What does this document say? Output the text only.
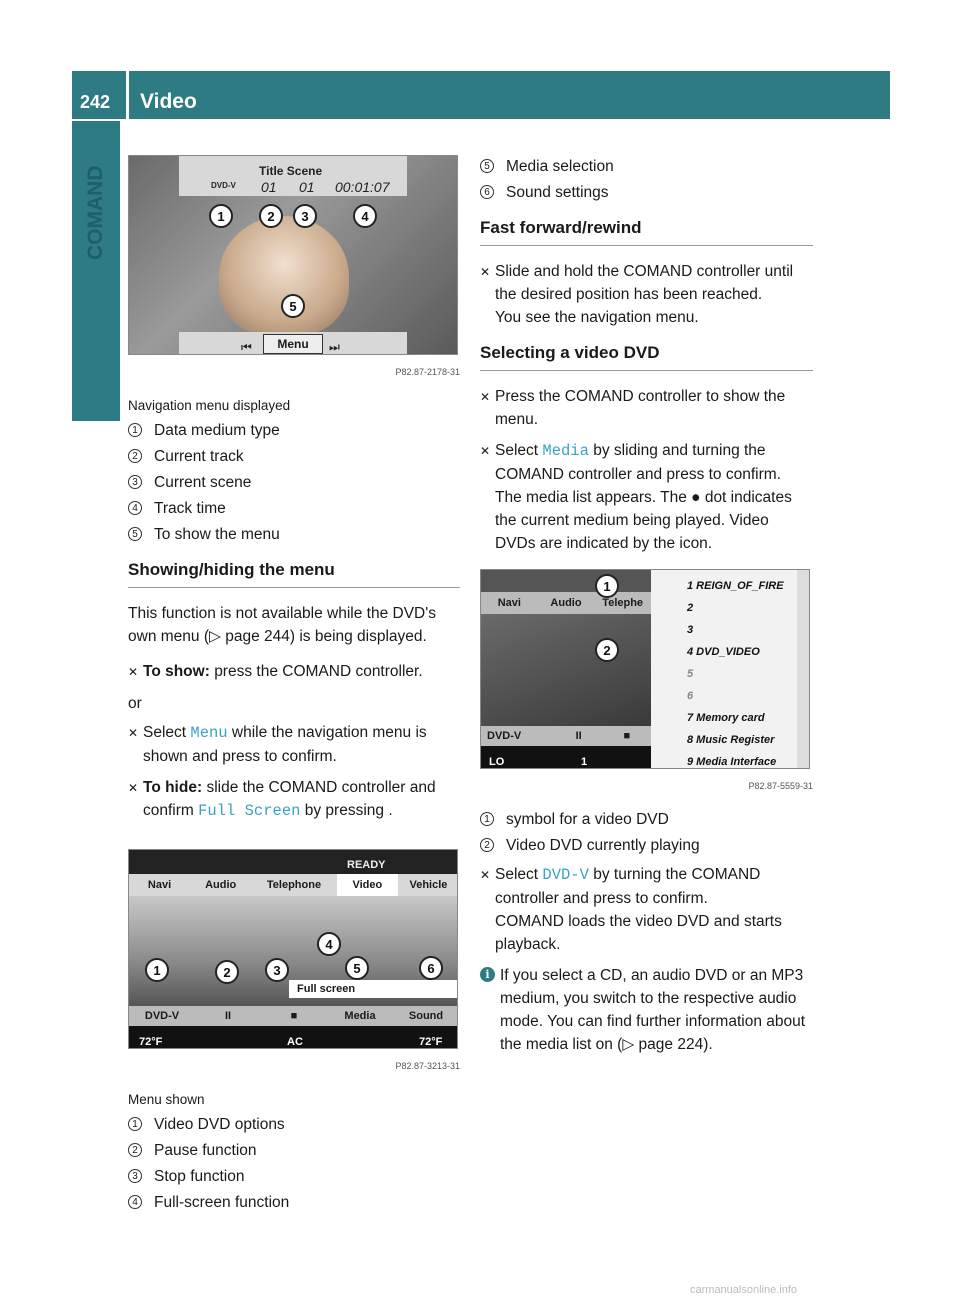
242 Video
COMAND	Title Scene
DVD-V 01 01 00:01:07
⏮	Menu	⏭
1	2	3	4
5
P82.87-2178-31
Navigation menu displayed
1 Data medium type
2 Current track
3 Current scene
4 Track time
5 To show the menu
Showing/hiding the menu

This function is not available while the DVD's own menu (▷ page 244) is being displayed.

✕ To show: press the COMAND controller.
or
✕ Select Menu while the navigation menu is shown and press to confirm.
✕ To hide: slide the COMAND controller and confirm Full Screen by pressing .
READY
Navi	Audio	Telephone	Video	Vehicle
Full screen
DVD-V	II	■	Media	Sound
72°F	AC	72°F
1	2	3
4
5	6
P82.87-3213-31
Menu shown
1 Video DVD options
2 Pause function
3 Stop function
4 Full-screen function
5 Media selection
6 Sound settings
Fast forward/rewind
✕ Slide and hold the COMAND controller until the desired position has been reached.
You see the navigation menu.
Selecting a video DVD
✕ Press the COMAND controller to show the menu.
✕ Select Media by sliding and turning the COMAND controller and press to confirm.
The media list appears. The ● dot indicates the current medium being played. Video DVDs are indicated by the icon.
Navi	Audio	Telephe
DVD-V	II	■
LO	1
1 REIGN_OF_FIRE
2
3
4 DVD_VIDEO
5
6
7 Memory card
8 Music Register
9 Media Interface
1
2
P82.87-5559-31
1 symbol for a video DVD
2 Video DVD currently playing
✕ Select DVD-V by turning the COMAND controller and press to confirm.
COMAND loads the video DVD and starts playback.
i If you select a CD, an audio DVD or an MP3 medium, you switch to the respective audio mode. You can find further information about the media list on (▷ page 224).
carmanualsonline.info
